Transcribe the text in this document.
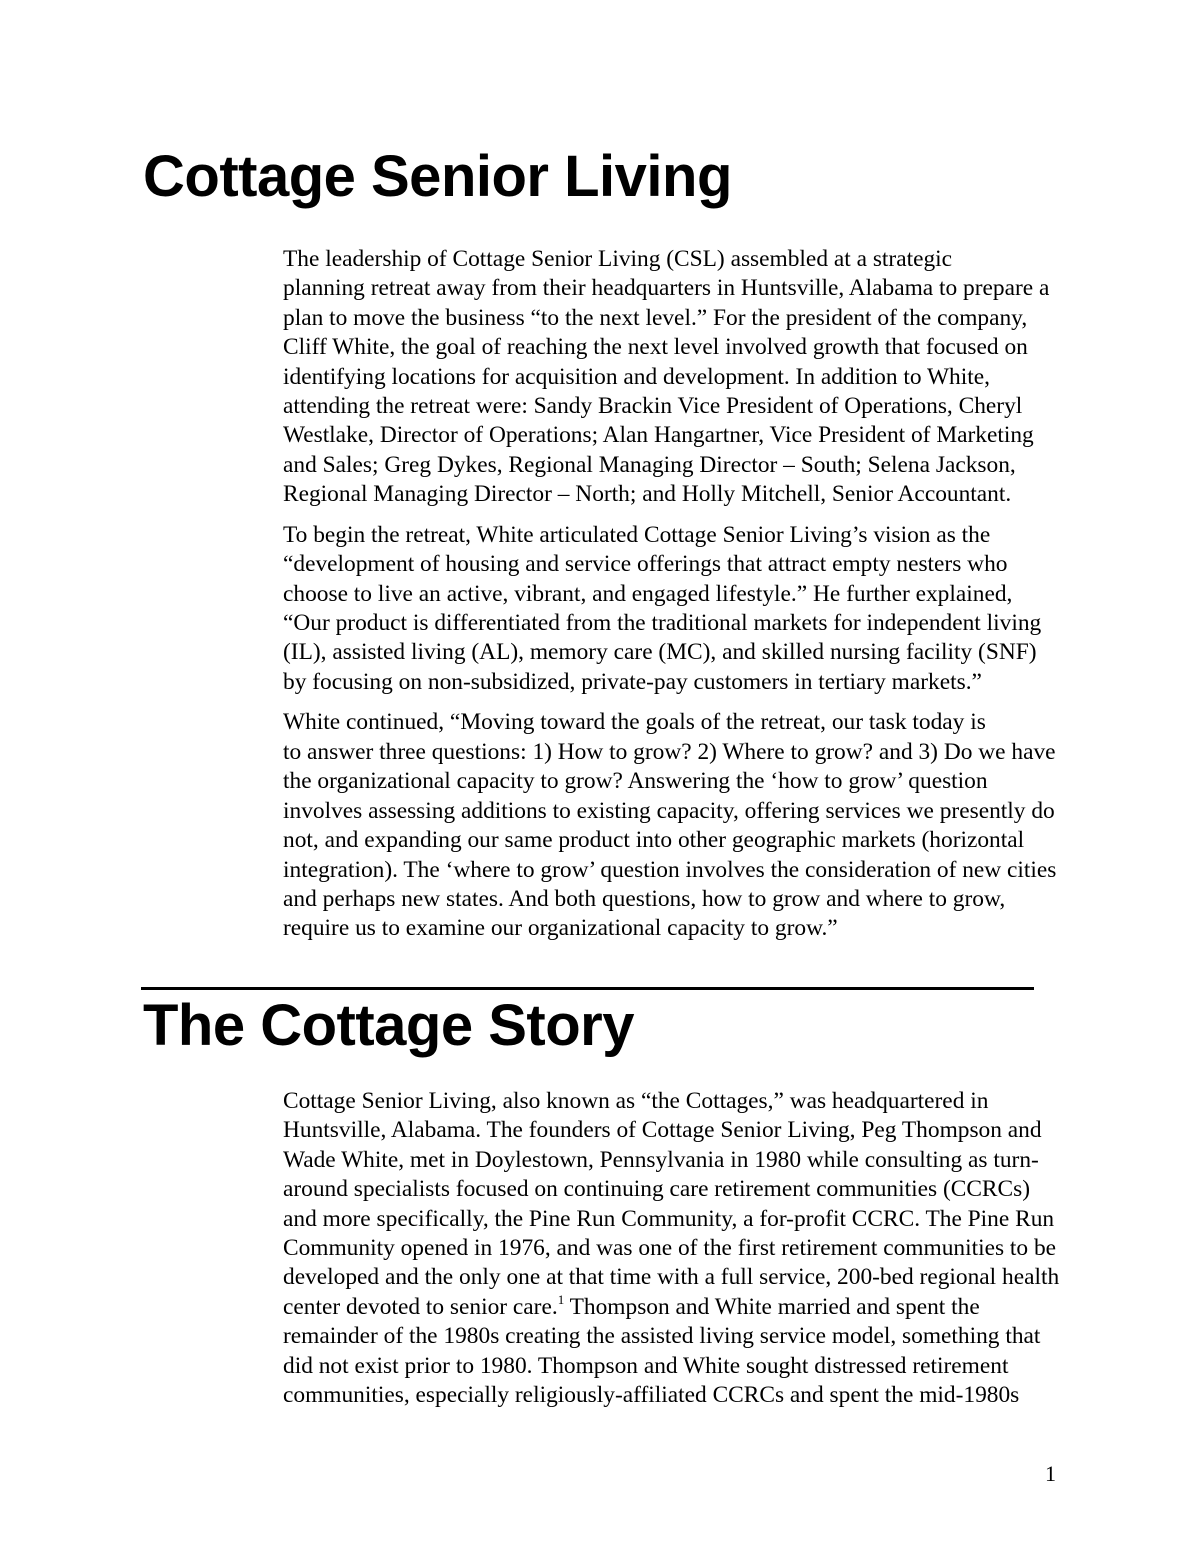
Cottage Senior Living

The leadership of Cottage Senior Living (CSL) assembled at a strategic
planning retreat away from their headquarters in Huntsville, Alabama to prepare a
plan to move the business “to the next level.” For the president of the company,
Cliff White, the goal of reaching the next level involved growth that focused on
identifying locations for acquisition and development. In addition to White,
attending the retreat were: Sandy Brackin Vice President of Operations, Cheryl
Westlake, Director of Operations; Alan Hangartner, Vice President of Marketing
and Sales; Greg Dykes, Regional Managing Director – South; Selena Jackson,
Regional Managing Director – North; and Holly Mitchell, Senior Accountant.

To begin the retreat, White articulated Cottage Senior Living’s vision as the
“development of housing and service offerings that attract empty nesters who
choose to live an active, vibrant, and engaged lifestyle.” He further explained,
“Our product is differentiated from the traditional markets for independent living
(IL), assisted living (AL), memory care (MC), and skilled nursing facility (SNF)
by focusing on non-subsidized, private-pay customers in tertiary markets.”

White continued, “Moving toward the goals of the retreat, our task today is
to answer three questions: 1) How to grow? 2) Where to grow? and 3) Do we have
the organizational capacity to grow? Answering the ‘how to grow’ question
involves assessing additions to existing capacity, offering services we presently do
not, and expanding our same product into other geographic markets (horizontal
integration). The ‘where to grow’ question involves the consideration of new cities
and perhaps new states. And both questions, how to grow and where to grow,
require us to examine our organizational capacity to grow.”

The Cottage Story

Cottage Senior Living, also known as “the Cottages,” was headquartered in
Huntsville, Alabama. The founders of Cottage Senior Living, Peg Thompson and
Wade White, met in Doylestown, Pennsylvania in 1980 while consulting as turn-
around specialists focused on continuing care retirement communities (CCRCs)
and more specifically, the Pine Run Community, a for-profit CCRC. The Pine Run
Community opened in 1976, and was one of the first retirement communities to be
developed and the only one at that time with a full service, 200-bed regional health
center devoted to senior care.$^1$ Thompson and White married and spent the
remainder of the 1980s creating the assisted living service model, something that
did not exist prior to 1980. Thompson and White sought distressed retirement
communities, especially religiously-affiliated CCRCs and spent the mid-1980s

1
